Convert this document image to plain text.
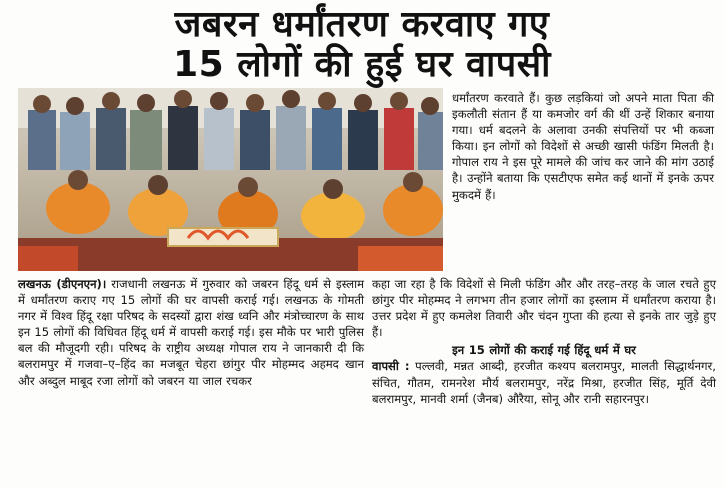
जबरन धर्मांतरण करवाए गए
15 लोगों की हुई घर वापसी

धर्मांतरण करवाते हैं। कुछ लड़कियां जो अपने माता पिता की इकलौती संतान हैं या कमजोर वर्ग की थीं उन्हें शिकार बनाया गया। धर्म बदलने के अलावा उनकी संपत्तियों पर भी कब्जा किया। इन लोगों को विदेशों से अच्छी खासी फंडिंग मिलती है। गोपाल राय ने इस पूरे मामले की जांच कर जाने की मांग उठाई है। उन्होंने बताया कि एसटीएफ समेत कई थानों में इनके ऊपर मुकदमें हैं।

लखनऊ (डीएनएन)। राजधानी लखनऊ में गुरुवार को जबरन हिंदू धर्म से इस्लाम में धर्मांतरण कराए गए 15 लोगों की घर वापसी कराई गई। लखनऊ के गोमती नगर में विश्व हिंदू रक्षा परिषद के सदस्यों द्वारा शंख ध्वनि और मंत्रोच्चारण के साथ इन 15 लोगों की विधिवत हिंदू धर्म में वापसी कराई गई। इस मौके पर भारी पुलिस बल की मौजूदगी रही। परिषद के राष्ट्रीय अध्यक्ष गोपाल राय ने जानकारी दी कि बलरामपुर में गजवा–ए–हिंद का मजबूत चेहरा छांगुर पीर मोहम्मद अहमद खान और अब्दुल माबूद रजा लोगों को जबरन या जाल रचकर

कहा जा रहा है कि विदेशों से मिली फंडिंग और और तरह–तरह के जाल रचते हुए छांगुर पीर मोहम्मद ने लगभग तीन हजार लोगों का इस्लाम में धर्मांतरण कराया है। उत्तर प्रदेश में हुए कमलेश तिवारी और चंदन गुप्ता की हत्या से इनके तार जुड़े हुए हैं।

इन 15 लोगों की कराई गई हिंदू धर्म में घर

वापसी : पल्लवी, मन्नत आब्दी, हरजीत कश्यप बलरामपुर, मालती सिद्धार्थनगर, संचित, गौतम, रामनरेश मौर्य बलरामपुर, नरेंद्र मिश्रा, हरजीत सिंह, मूर्ति देवी बलरामपुर, मानवी शर्मा (जैनब) औरैया, सोनू और रानी सहारनपुर।
